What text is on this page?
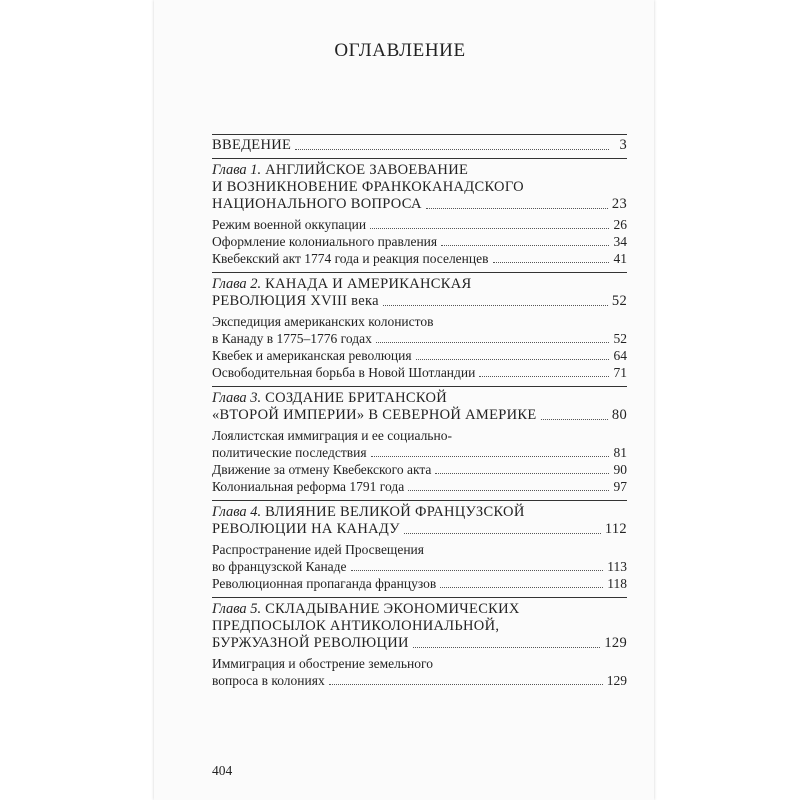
ОГЛАВЛЕНИЕ
ВВЕДЕНИЕ	3
Глава 1. АНГЛИЙСКОЕ ЗАВОЕВАНИЕ
И ВОЗНИКНОВЕНИЕ ФРАНКОКАНАДСКОГО
НАЦИОНАЛЬНОГО ВОПРОСА	23
Режим военной оккупации	26
Оформление колониального правления	34
Квебекский акт 1774 года и реакция поселенцев	41
Глава 2. КАНАДА И АМЕРИКАНСКАЯ
РЕВОЛЮЦИЯ XVIII века	52
Экспедиция американских колонистов
в Канаду в 1775–1776 годах	52
Квебек и американская революция	64
Освободительная борьба в Новой Шотландии	71
Глава 3. СОЗДАНИЕ БРИТАНСКОЙ
«ВТОРОЙ ИМПЕРИИ» В СЕВЕРНОЙ АМЕРИКЕ	80
Лоялистская иммиграция и ее социально-
политические последствия	81
Движение за отмену Квебекского акта	90
Колониальная реформа 1791 года	97
Глава 4. ВЛИЯНИЕ ВЕЛИКОЙ ФРАНЦУЗСКОЙ
РЕВОЛЮЦИИ НА КАНАДУ	112
Распространение идей Просвещения
во французской Канаде	113
Революционная пропаганда французов	118
Глава 5. СКЛАДЫВАНИЕ ЭКОНОМИЧЕСКИХ
ПРЕДПОСЫЛОК АНТИКОЛОНИАЛЬНОЙ,
БУРЖУАЗНОЙ РЕВОЛЮЦИИ	129
Иммиграция и обострение земельного
вопроса в колониях	129
404
